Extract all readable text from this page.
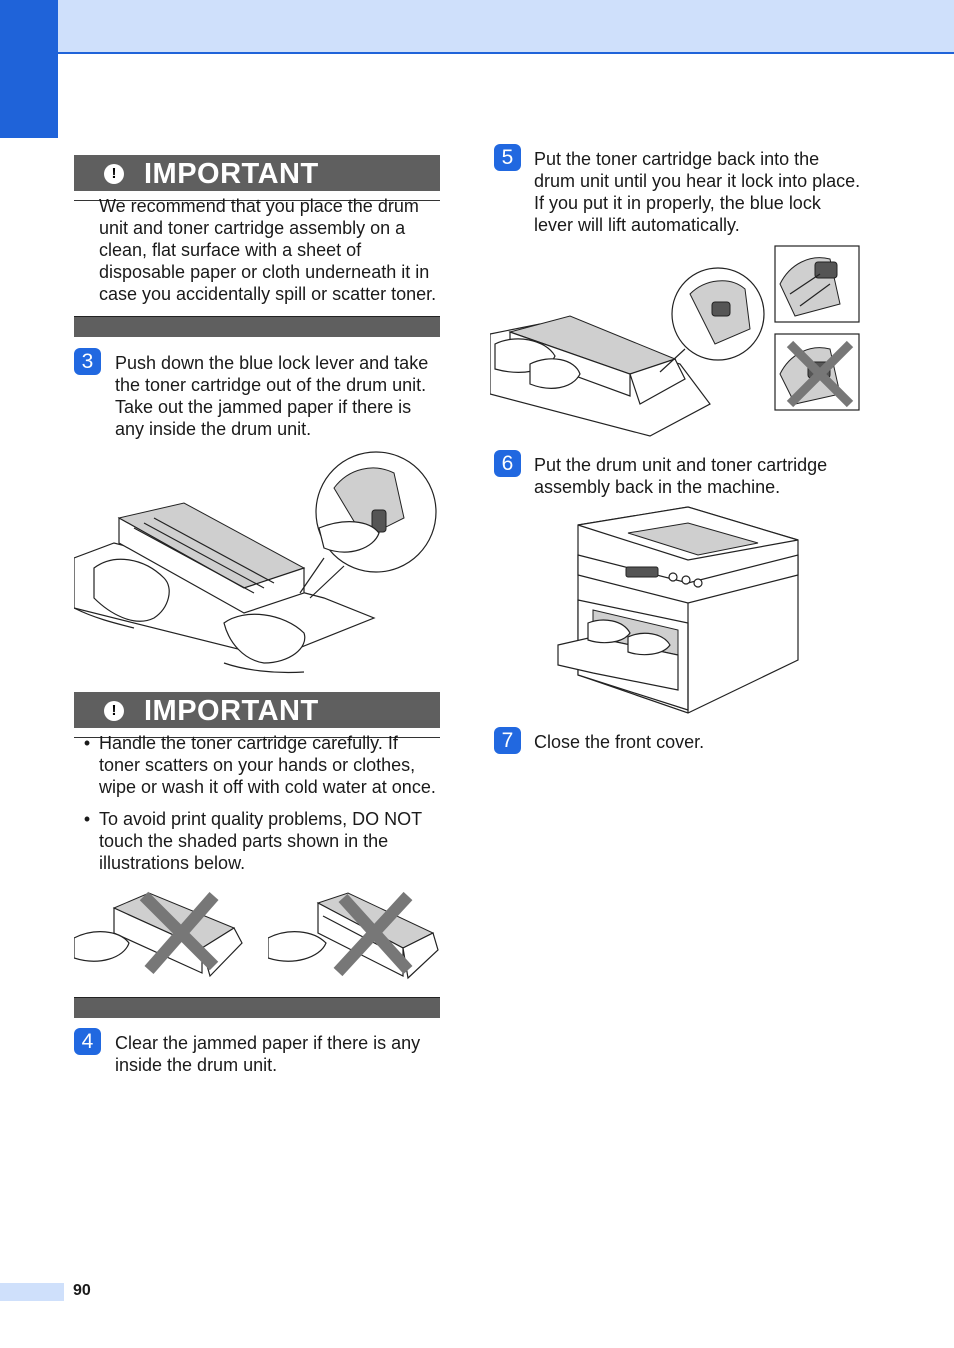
! IMPORTANT
We recommend that you place the drum
unit and toner cartridge assembly on a
clean, flat surface with a sheet of
disposable paper or cloth underneath it in
case you accidentally spill or scatter toner.
3	Push down the blue lock lever and take
the toner cartridge out of the drum unit.
Take out the jammed paper if there is
any inside the drum unit.
! IMPORTANT
• Handle the toner cartridge carefully. If
toner scatters on your hands or clothes,
wipe or wash it off with cold water at once.
• To avoid print quality problems, DO NOT
touch the shaded parts shown in the
illustrations below.
4	Clear the jammed paper if there is any
inside the drum unit.
5	Put the toner cartridge back into the
drum unit until you hear it lock into place.
If you put it in properly, the blue lock
lever will lift automatically.
6	Put the drum unit and toner cartridge
assembly back in the machine.
7	Close the front cover.
90
